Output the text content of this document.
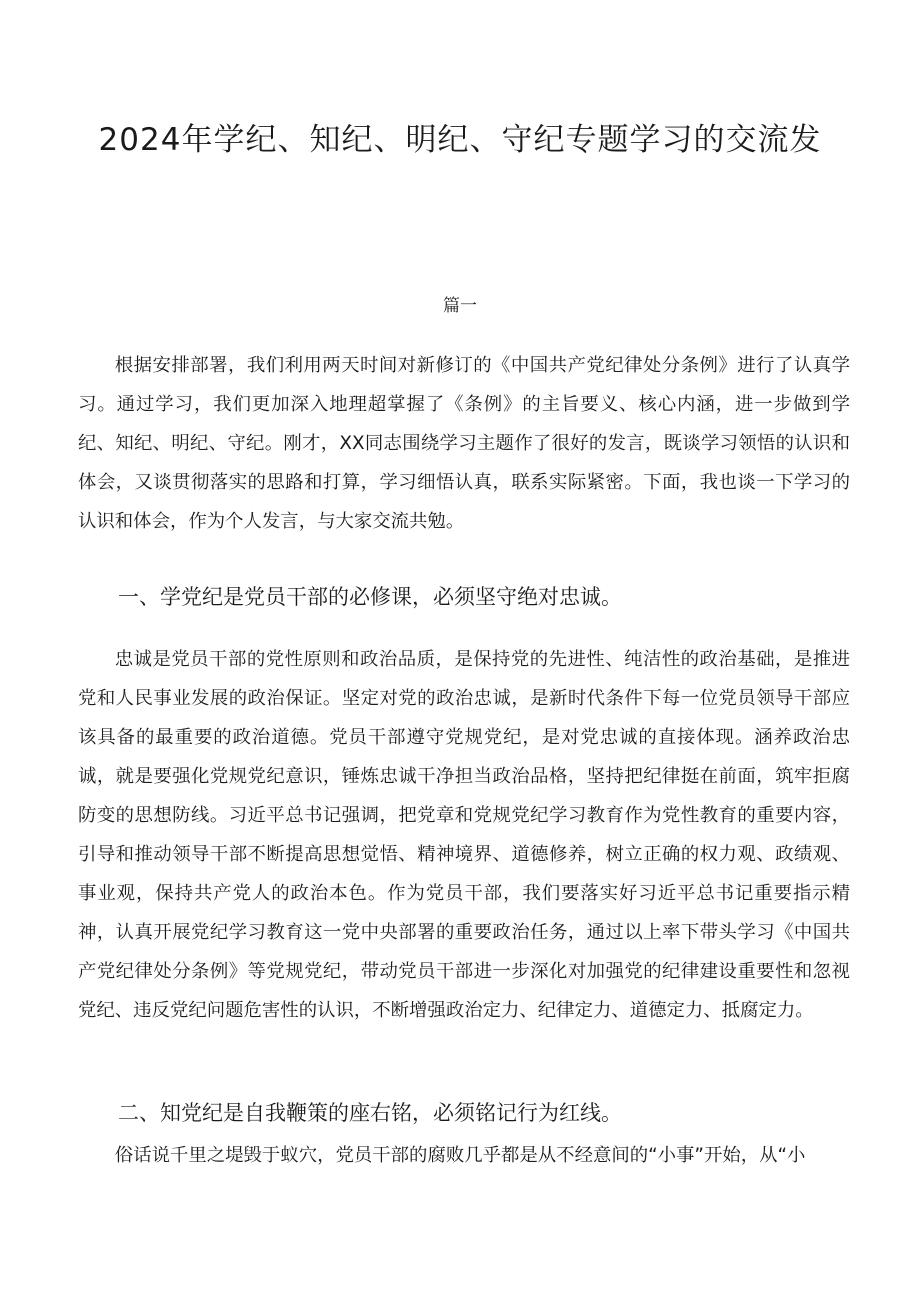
2024年学纪、知纪、明纪、守纪专题学习的交流发
篇一

根据安排部署，我们利用两天时间对新修订的《中国共产党纪律处分条例》进行了认真学习。通过学习，我们更加深入地理超掌握了《条例》的主旨要义、核心内涵，进一步做到学纪、知纪、明纪、守纪。刚才，XX同志围绕学习主题作了很好的发言，既谈学习领悟的认识和体会，又谈贯彻落实的思路和打算，学习细悟认真，联系实际紧密。下面，我也谈一下学习的认识和体会，作为个人发言，与大家交流共勉。

一、学党纪是党员干部的必修课，必须坚守绝对忠诚。

忠诚是党员干部的党性原则和政治品质，是保持党的先进性、纯洁性的政治基础，是推进党和人民事业发展的政治保证。坚定对党的政治忠诚，是新时代条件下每一位党员领导干部应该具备的最重要的政治道德。党员干部遵守党规党纪，是对党忠诚的直接体现。涵养政治忠诚，就是要强化党规党纪意识，锤炼忠诚干净担当政治品格，坚持把纪律挺在前面，筑牢拒腐防变的思想防线。习近平总书记强调，把党章和党规党纪学习教育作为党性教育的重要内容，引导和推动领导干部不断提高思想觉悟、精神境界、道德修养，树立正确的权力观、政绩观、事业观，保持共产党人的政治本色。作为党员干部，我们要落实好习近平总书记重要指示精神，认真开展党纪学习教育这一党中央部署的重要政治任务，通过以上率下带头学习《中国共产党纪律处分条例》等党规党纪，带动党员干部进一步深化对加强党的纪律建设重要性和忽视党纪、违反党纪问题危害性的认识，不断增强政治定力、纪律定力、道德定力、抵腐定力。

二、知党纪是自我鞭策的座右铭，必须铭记行为红线。

俗话说千里之堤毁于蚁穴，党员干部的腐败几乎都是从不经意间的“小事”开始，从“小
